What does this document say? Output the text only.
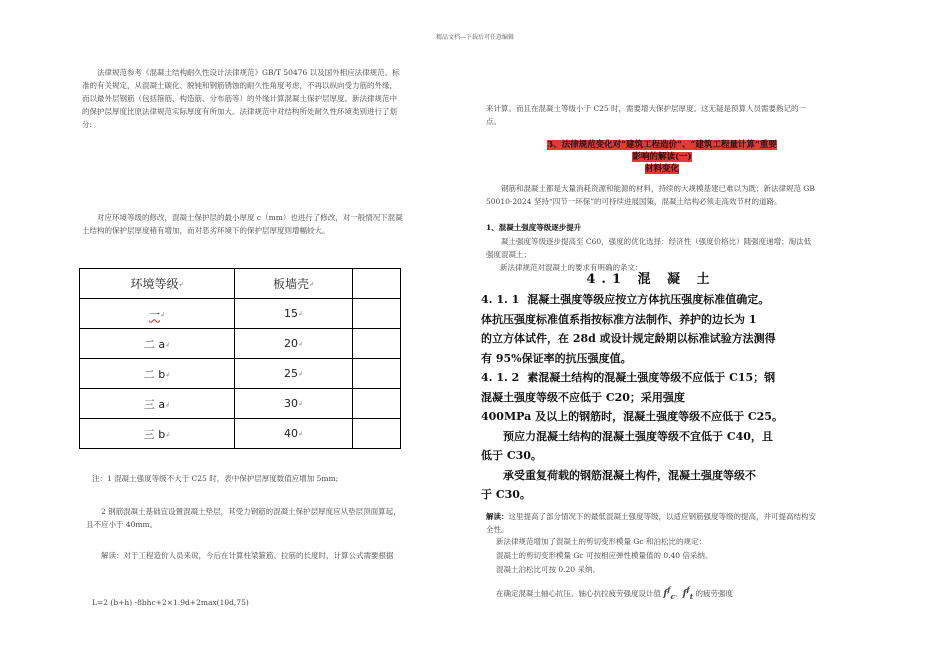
精品文档---下载后可任意编辑

法律规范参考《混凝土结构耐久性设计法律规范》GB/T 50476 以及国外相应法律规范、标准的有关规定，从混凝土碳化、脱钝和钢筋锈蚀的耐久性角度考虑，不再以纵向受力筋的外缘，而以最外层钢筋（包括箍筋、构造筋、分布筋等）的外缘计算混凝土保护层厚度。新法律规范中的保护层厚度比原法律规范实际厚度有所加大。法律规范中对结构所处耐久性环境类别进行了划分:

对应环境等级的修改，混凝土保护层的最小厚度 c（mm）也进行了修改，对一般情况下混凝土结构的保护层厚度稍有增加，而对恶劣环境下的保护层厚度则增幅较大。

环境等级↲	板墙壳↲	
一↲	15↲	
二 a↲	20↲	
二 b↲	25↲	
三 a↲	30↲	
三 b↲	40↲	

注：1 混凝土强度等级不大于 C25 时，表中保护层厚度数值应增加 5mm;

2 钢筋混凝土基础宜设置混凝土垫层，其受力钢筋的混凝土保护层厚度应从垫层顶面算起，且不应小于 40mm。

解读：对于工程造价人员来说，今后在计算柱梁箍筋、拉筋的长度时，计算公式需要根据

L=2 (b+h) -8bhc+2×1.9d+2max(10d,75)

来计算。而且在混凝土等级小于 C25 时，需要增大保护层厚度。这无疑是预算人员需要熟记的一点。

3、法律规范变化对“建筑工程造价”、“建筑工程量计算”重要
影响的解读(一)
材料变化

钢筋和混凝土都是大量消耗资源和能源的材料，持续的大规模基建已难以为既；新法律规范 GB 50010-2024 坚持“四节一环保”的可持续进展国策，混凝土结构必须走高效节材的道路。

1、混凝土强度等级逐步提升

凝土强度等级逐步提高至 C60，强度的优化选择：经济性（强度价格比）随强度递增；淘汰低强度混凝土；

新法律规范对混凝土的要求有明确的条文：

4.1 混 凝 土

4. 1. 1 混凝土强度等级应按立方体抗压强度标准值确定。

体抗压强度标准值系指按标准方法制作、养护的边长为 1

的立方体试件，在 28d 或设计规定龄期以标准试验方法测得

有 95%保证率的抗压强度值。

4. 1. 2 素混凝土结构的混凝土强度等级不应低于 C15；钢

混凝土强度等级不应低于 C20；采用强度

400MPa 及以上的钢筋时，混凝土强度等级不应低于 C25。

预应力混凝土结构的混凝土强度等级不宜低于 C40，且

低于 C30。

承受重复荷载的钢筋混凝土构件，混凝土强度等级不

于 C30。

解读：这里提高了部分情况下的最低混凝土强度等级，以适应钢筋强度等级的提高，并可提高结构安全性。

新法律规范增加了混凝土的剪切变形模量 Gc 和泊松比的规定：

混凝土的剪切变形模量 Gc 可按相应弹性模量值的 0.40 倍采纳。

混凝土泊松比可按 0.20 采纳。

在确定混凝土轴心抗压、轴心抗拉疲劳强度设计值 $f^f_c$、$f^f_t$ 的疲劳强度
